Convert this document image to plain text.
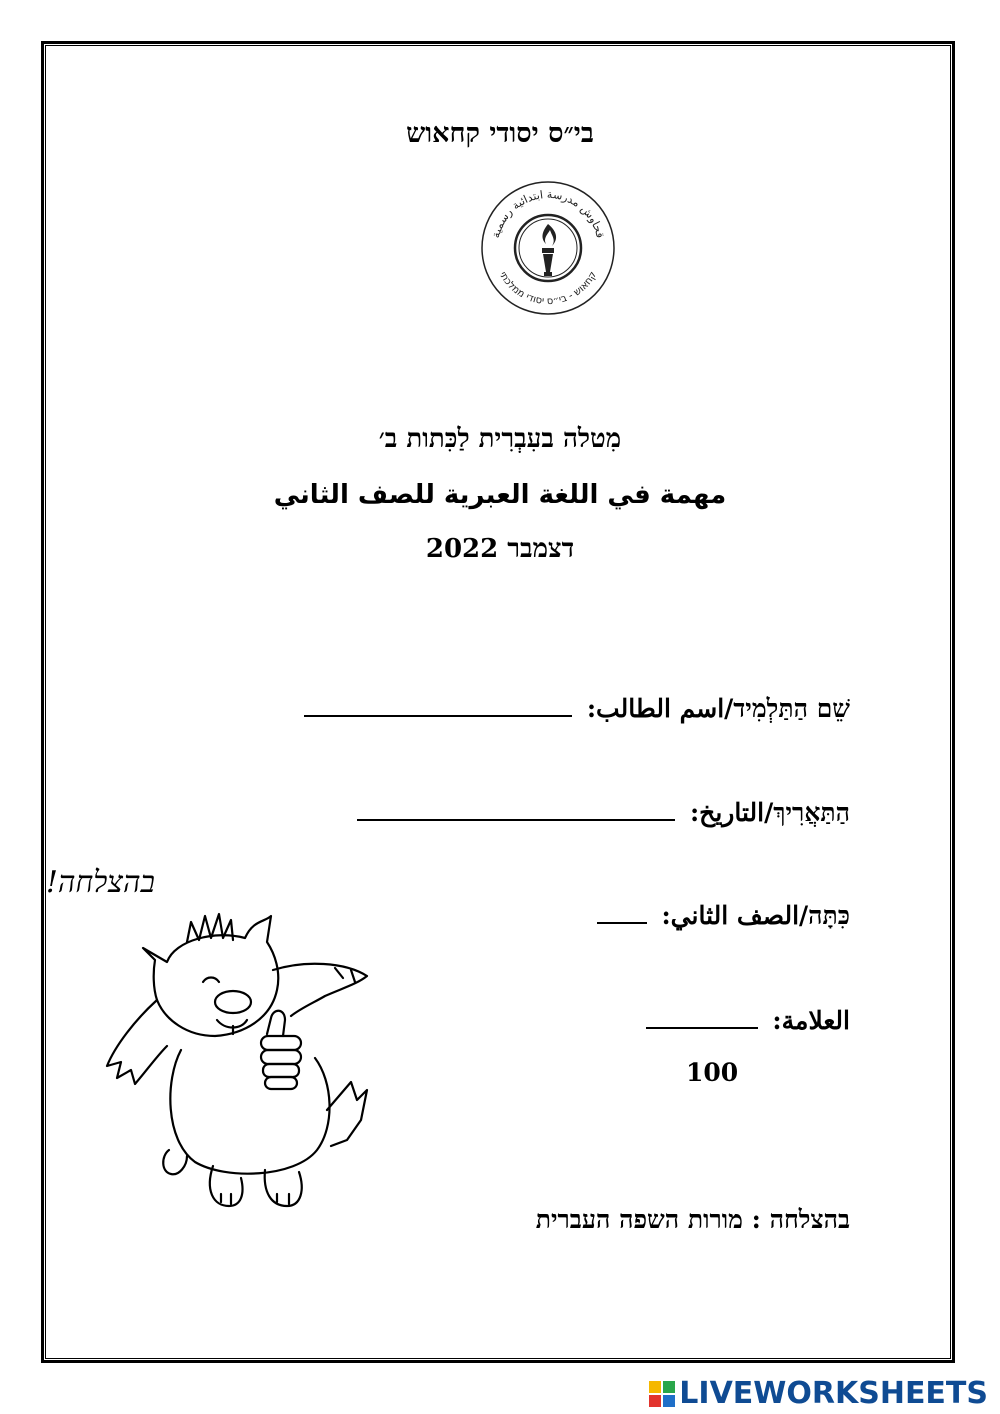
בי״ס יסודי קחאוש
قحاوش مدرسة ابتدائية رسمية
קחאוש - בי״ס יסודי ממלכתי
מִטלה בעִבְרִית לַכִּתות ב׳
مهمة في اللغة العبرية للصف الثاني
דצמבר 2022
שֵׁם הַתַּלְמִיד/اسم الطالب:
הַתַּאֲרִיךְ/التاريخ:
כִּתָּה/الصف الثاني:
العلامة:
100
בהצלחה : מורות השפה העברית
בהצלחה!
LIVEWORKSHEETS
